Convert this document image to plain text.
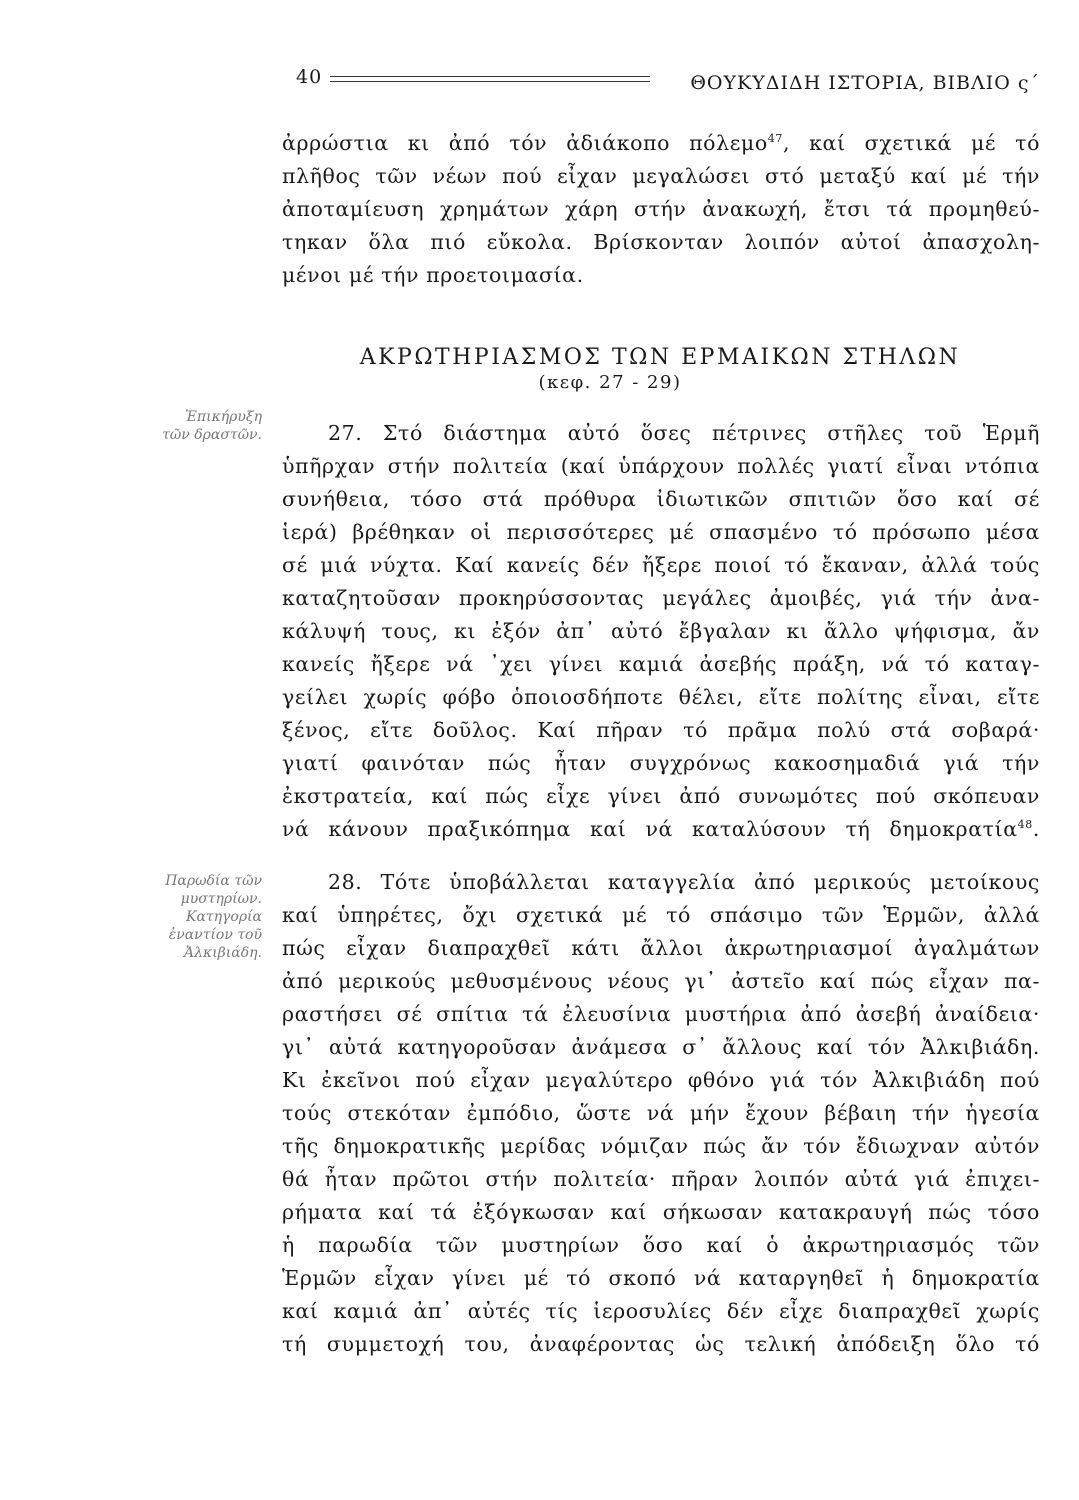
40	ΘΟΥΚΥΔΙΔΗ ΙΣΤΟΡΙΑ, ΒΙΒΛΙΟ ς΄
ἀρρώστια κι ἀπό τόν ἀδιάκοπο πόλεμο$^{47}$, καί σχετικά μέ τό
πλῆθος τῶν νέων πού εἶχαν μεγαλώσει στό μεταξύ καί μέ τήν
ἀποταμίευση χρημάτων χάρη στήν ἀνακωχή, ἔτσι τά προμηθεύ-
τηκαν ὅλα πιό εὔκολα. Βρίσκονταν λοιπόν αὐτοί ἀπασχολη-
μένοι μέ τήν προετοιμασία.
ΑΚΡΩΤΗΡΙΑΣΜΟΣ ΤΩΝ ΕΡΜΑΙΚΩΝ ΣΤΗΛΩΝ
(κεφ. 27 - 29)
Ἐπικήρυξη
τῶν δραστῶν.	27. Στό διάστημα αὐτό ὅσες πέτρινες στῆλες τοῦ Ἑρμῆ
ὑπῆρχαν στήν πολιτεία (καί ὑπάρχουν πολλές γιατί εἶναι ντόπια
συνήθεια, τόσο στά πρόθυρα ἰδιωτικῶν σπιτιῶν ὅσο καί σέ
ἱερά) βρέθηκαν οἱ περισσότερες μέ σπασμένο τό πρόσωπο μέσα
σέ μιά νύχτα. Καί κανείς δέν ἤξερε ποιοί τό ἔκαναν, ἀλλά τούς
καταζητοῦσαν προκηρύσσοντας μεγάλες ἀμοιβές, γιά τήν ἀνα-
κάλυψή τους, κι ἐξόν ἀπ᾿ αὐτό ἔβγαλαν κι ἄλλο ψήφισμα, ἄν
κανείς ἤξερε νά ᾿χει γίνει καμιά ἀσεβής πράξη, νά τό καταγ-
γείλει χωρίς φόβο ὁποιοσδήποτε θέλει, εἴτε πολίτης εἶναι, εἴτε
ξένος, εἴτε δοῦλος. Καί πῆραν τό πρᾶμα πολύ στά σοβαρά·
γιατί φαινόταν πώς ἦταν συγχρόνως κακοσημαδιά γιά τήν
ἐκστρατεία, καί πώς εἶχε γίνει ἀπό συνωμότες πού σκόπευαν
νά κάνουν πραξικόπημα καί νά καταλύσουν τή δημοκρατία$^{48}$.
Παρωδία τῶν
μυστηρίων.
Κατηγορία
ἐναντίον τοῦ
Ἀλκιβιάδη.
28. Τότε ὑποβάλλεται καταγγελία ἀπό μερικούς μετοίκους
καί ὑπηρέτες, ὄχι σχετικά μέ τό σπάσιμο τῶν Ἑρμῶν, ἀλλά
πώς εἶχαν διαπραχθεῖ κάτι ἄλλοι ἀκρωτηριασμοί ἀγαλμάτων
ἀπό μερικούς μεθυσμένους νέους γι᾿ ἀστεῖο καί πώς εἶχαν πα-
ραστήσει σέ σπίτια τά ἐλευσίνια μυστήρια ἀπό ἀσεβή ἀναίδεια·
γι᾿ αὐτά κατηγοροῦσαν ἀνάμεσα σ᾿ ἄλλους καί τόν Ἀλκιβιάδη.
Κι ἐκεῖνοι πού εἶχαν μεγαλύτερο φθόνο γιά τόν Ἀλκιβιάδη πού
τούς στεκόταν ἐμπόδιο, ὥστε νά μήν ἔχουν βέβαιη τήν ἡγεσία
τῆς δημοκρατικῆς μερίδας νόμιζαν πώς ἄν τόν ἔδιωχναν αὐτόν
θά ἦταν πρῶτοι στήν πολιτεία· πῆραν λοιπόν αὐτά γιά ἐπιχει-
ρήματα καί τά ἐξόγκωσαν καί σήκωσαν κατακραυγή πώς τόσο
ἡ παρωδία τῶν μυστηρίων ὅσο καί ὁ ἀκρωτηριασμός τῶν
Ἑρμῶν εἶχαν γίνει μέ τό σκοπό νά καταργηθεῖ ἡ δημοκρατία
καί καμιά ἀπ᾿ αὐτές τίς ἱεροσυλίες δέν εἶχε διαπραχθεῖ χωρίς
τή συμμετοχή του, ἀναφέροντας ὡς τελική ἀπόδειξη ὅλο τό
